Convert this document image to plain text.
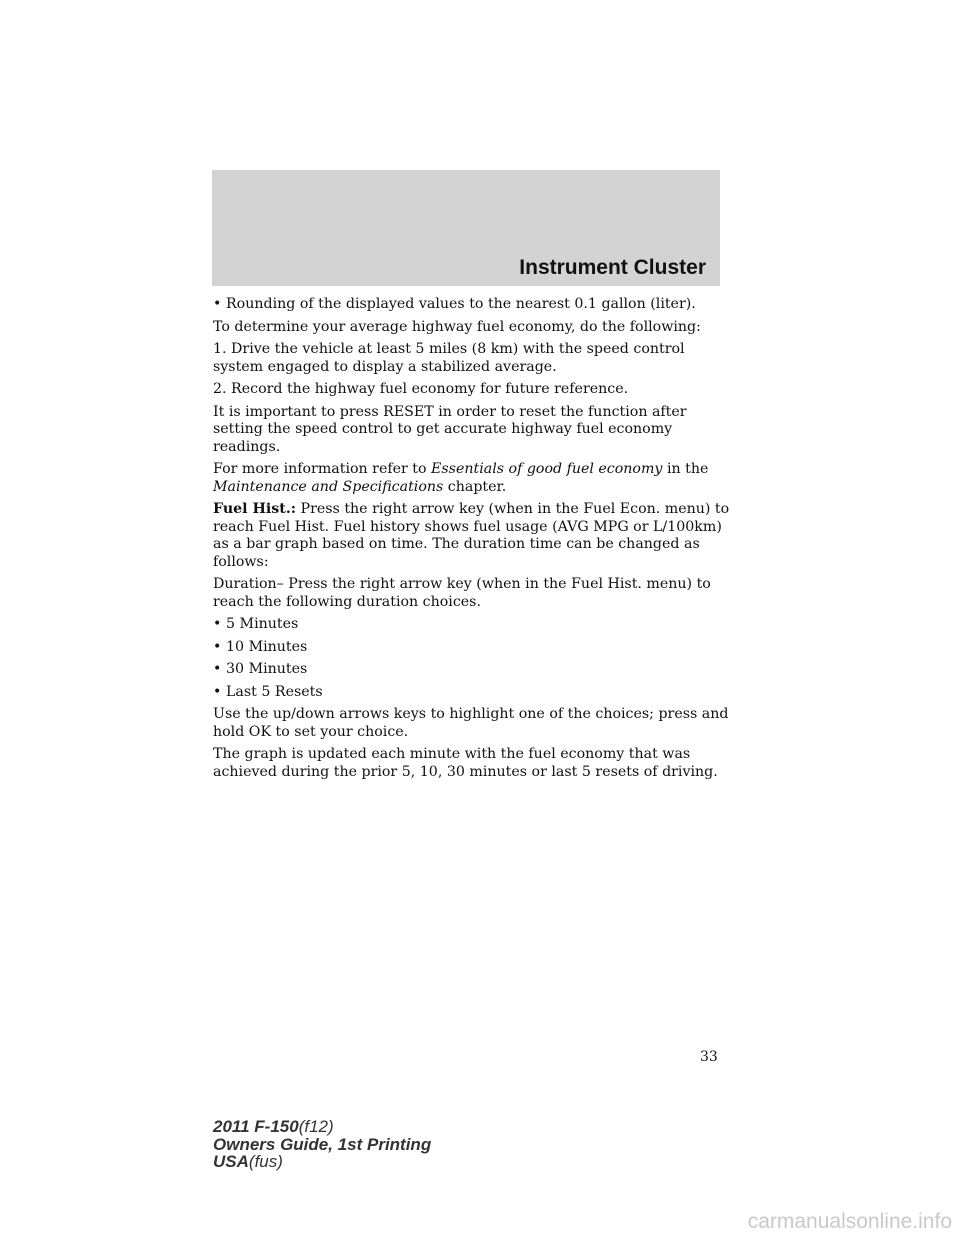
Instrument Cluster
• Rounding of the displayed values to the nearest 0.1 gallon (liter).

To determine your average highway fuel economy, do the following:

1. Drive the vehicle at least 5 miles (8 km) with the speed control system engaged to display a stabilized average.

2. Record the highway fuel economy for future reference.

It is important to press RESET in order to reset the function after setting the speed control to get accurate highway fuel economy readings.

For more information refer to Essentials of good fuel economy in the Maintenance and Specifications chapter.

Fuel Hist.: Press the right arrow key (when in the Fuel Econ. menu) to reach Fuel Hist. Fuel history shows fuel usage (AVG MPG or L/100km) as a bar graph based on time. The duration time can be changed as follows:

Duration– Press the right arrow key (when in the Fuel Hist. menu) to reach the following duration choices.

• 5 Minutes
• 10 Minutes
• 30 Minutes
• Last 5 Resets

Use the up/down arrows keys to highlight one of the choices; press and hold OK to set your choice.

The graph is updated each minute with the fuel economy that was achieved during the prior 5, 10, 30 minutes or last 5 resets of driving.

33
2011 F-150(f12)
Owners Guide, 1st Printing
USA(fus)
carmanualsonline.info
